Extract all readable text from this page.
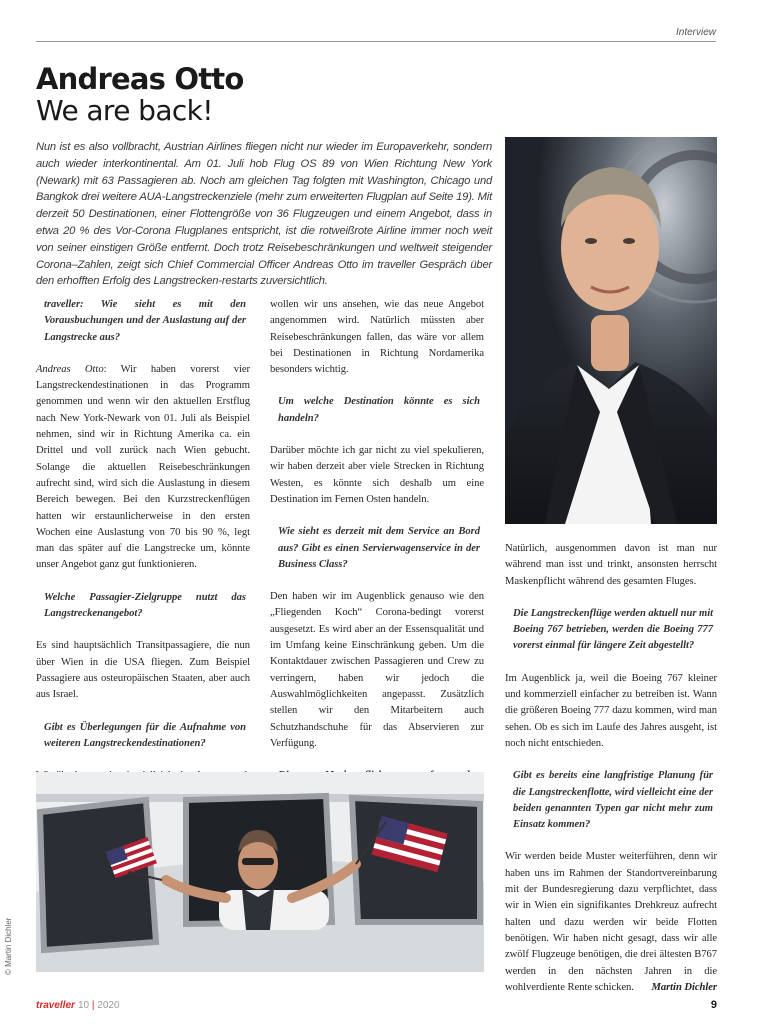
Interview
Andreas Otto
We are back!

Nun ist es also vollbracht, Austrian Airlines fliegen nicht nur wieder im Europaverkehr, sondern auch wieder interkontinental. Am 01. Juli hob Flug OS 89 von Wien Richtung New York (Newark) mit 63 Passagieren ab. Noch am gleichen Tag folgten mit Washington, Chicago und Bangkok drei weitere AUA-Langstreckenziele (mehr zum erweiterten Flugplan auf Seite 19). Mit derzeit 50 Destinationen, einer Flottengröße von 36 Flugzeugen und einem Angebot, dass in etwa 20 % des Vor-Corona Flugplanes entspricht, ist die rotweißrote Airline immer noch weit von seiner einstigen Größe entfernt. Doch trotz Reisebeschränkungen und weltweit steigender Corona–Zahlen, zeigt sich Chief Commercial Officer Andreas Otto im traveller Gespräch über den erhofften Erfolg des Langstrecken-restarts zuversichtlich.

traveller: Wie sieht es mit den Vorausbuchungen und der Auslastung auf der Langstrecke aus?

Andreas Otto: Wir haben vorerst vier Langstreckendestinationen in das Programm genommen und wenn wir den aktuellen Erstflug nach New York-Newark von 01. Juli als Beispiel nehmen, sind wir in Richtung Amerika ca. ein Drittel und voll zurück nach Wien gebucht. Solange die aktuellen Reisebeschränkungen aufrecht sind, wird sich die Auslastung in diesem Bereich bewegen. Bei den Kurzstreckenflügen hatten wir erstaunlicherweise in den ersten Wochen eine Auslastung von 70 bis 90 %, legt man das später auf die Langstrecke um, könnte unser Angebot ganz gut funktionieren.

Welche Passagier-Zielgruppe nutzt das Langstreckenangebot?

Es sind hauptsächlich Transitpassagiere, die nun über Wien in die USA fliegen. Zum Beispiel Passagiere aus osteuropäischen Staaten, aber auch aus Israel.

Gibt es Überlegungen für die Aufnahme von weiteren Langstreckendestinationen?

wollen wir uns ansehen, wie das neue Angebot angenommen wird. Natürlich müssten aber Reisebeschränkungen fallen, das wäre vor allem bei Destinationen in Richtung Nordamerika besonders wichtig.

Um welche Destination könnte es sich handeln?

Darüber möchte ich gar nicht zu viel spekulieren, wir haben derzeit aber viele Strecken in Richtung Westen, es könnte sich deshalb um eine Destination im Fernen Osten handeln.

Wie sieht es derzeit mit dem Service an Bord aus? Gibt es einen Servierwagenservice in der Business Class?

Den haben wir im Augenblick genauso wie den „Fliegenden Koch“ Corona-bedingt vorerst ausgesetzt. Es wird aber an der Essensqualität und im Umfang keine Einschränkung geben. Um die Kontaktdauer zwischen Passagieren und Crew zu verringern, haben wir jedoch die Auswahlmöglichkeiten angepasst. Zusätzlich stellen wir den Mitarbeitern auch Schutzhandschuhe für das Abservieren zur Verfügung.

Natürlich, ausgenommen davon ist man nur während man isst und trinkt, ansonsten herrscht Maskenpflicht während des gesamten Fluges.

Die Langstreckenflüge werden aktuell nur mit Boeing 767 betrieben, werden die Boeing 777 vorerst einmal für längere Zeit abgestellt?

Im Augenblick ja, weil die Boeing 767 kleiner und kommerziell einfacher zu betreiben ist. Wann die größeren Boeing 777 dazu kommen, wird man sehen. Ob es sich im Laufe des Jahres ausgeht, ist noch nicht entschieden.

Gibt es bereits eine langfristige Planung für die Langstreckenflotte, wird vielleicht eine der beiden genannten Typen gar nicht mehr zum Einsatz kommen?

Wir werden beide Muster weiterführen, denn wir haben uns im Rahmen der Standortvereinbarung mit der Bundesregierung dazu verpflichtet, dass wir in Wien ein signifikantes Drehkreuz aufrecht halten und dazu werden wir beide Flotten benötigen. Wir haben nicht gesagt, dass wir alle zwölf Flugzeuge benötigen, die drei ältesten B767 werden in den nächsten Jahren in die wohlverdiente Rente schicken. Martin Dichler

© Martin Dichler
traveller 10 | 2020	9
